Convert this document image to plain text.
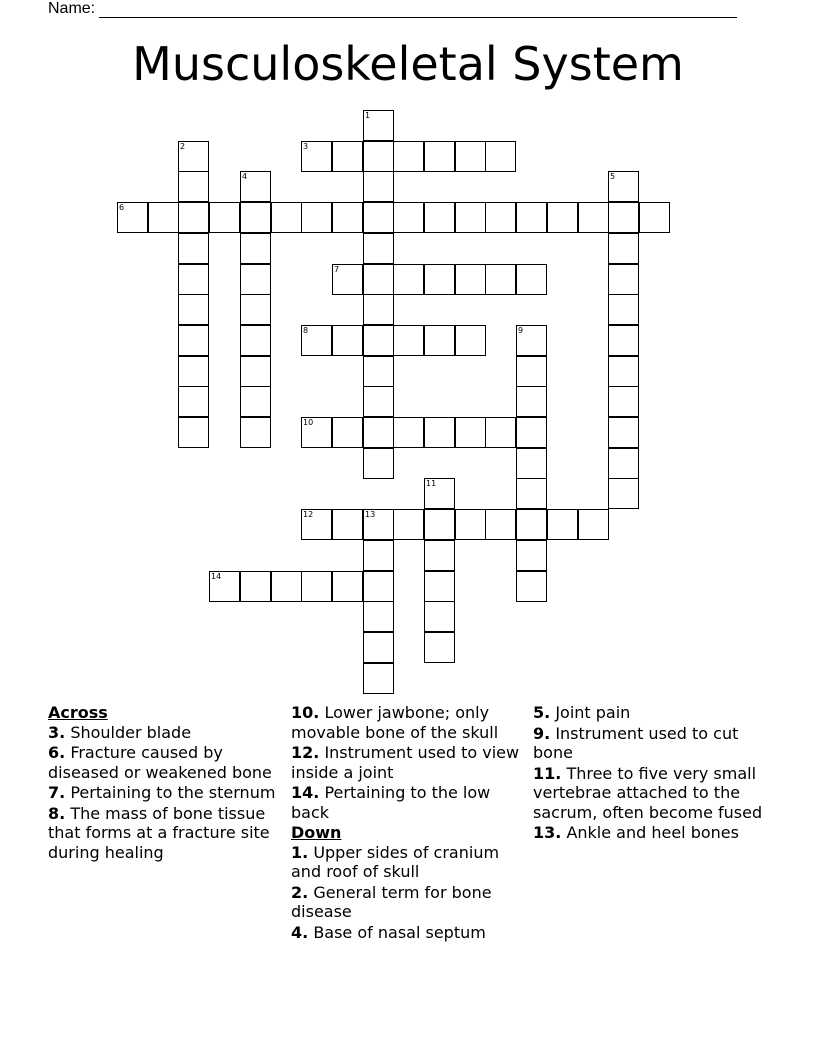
Name:
Musculoskeletal System
1
2	3
4	5
6
7
8	9
10
11
12	13
14
Across
3. Shoulder blade
6. Fracture caused by diseased or weakened bone
7. Pertaining to the sternum
8. The mass of bone tissue that forms at a fracture site during healing
10. Lower jawbone; only movable bone of the skull
12. Instrument used to view inside a joint
14. Pertaining to the low back
Down
1. Upper sides of cranium and roof of skull
2. General term for bone disease
4. Base of nasal septum
5. Joint pain
9. Instrument used to cut bone
11. Three to five very small vertebrae attached to the sacrum, often become fused
13. Ankle and heel bones
